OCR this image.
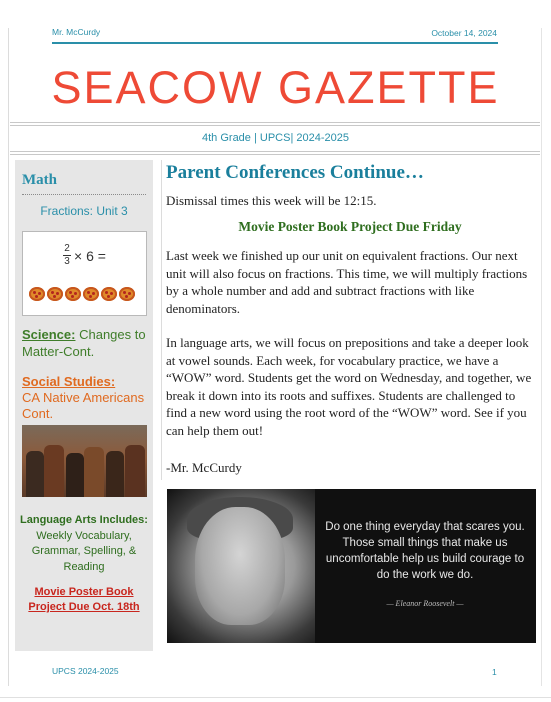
Mr. McCurdy	October 14, 2024
SEACOW GAZETTE
4th Grade | UPCS| 2024-2025
Math
Fractions: Unit 3
$\frac{2}{3} \times 6$ =
Science: Changes to Matter-Cont.
Social Studies:
CA Native Americans Cont.
Language Arts Includes: Weekly Vocabulary, Grammar, Spelling, & Reading
Movie Poster Book Project Due Oct. 18th
Parent Conferences Continue…
Dismissal times this week will be 12:15.
Movie Poster Book Project Due Friday
Last week we finished up our unit on equivalent fractions. Our next unit will also focus on fractions. This time, we will multiply fractions by a whole number and add and subtract fractions with like denominators.
In language arts, we will focus on prepositions and take a deeper look at vowel sounds. Each week, for vocabulary practice, we have a “WOW” word. Students get the word on Wednesday, and together, we break it down into its roots and suffixes. Students are challenged to find a new word using the root word of the “WOW” word. See if you can help them out!
-Mr. McCurdy
Do one thing everyday that scares you. Those small things that make us uncomfortable help us build courage to do the work we do.
— Eleanor Roosevelt —
UPCS 2024-2025	1
